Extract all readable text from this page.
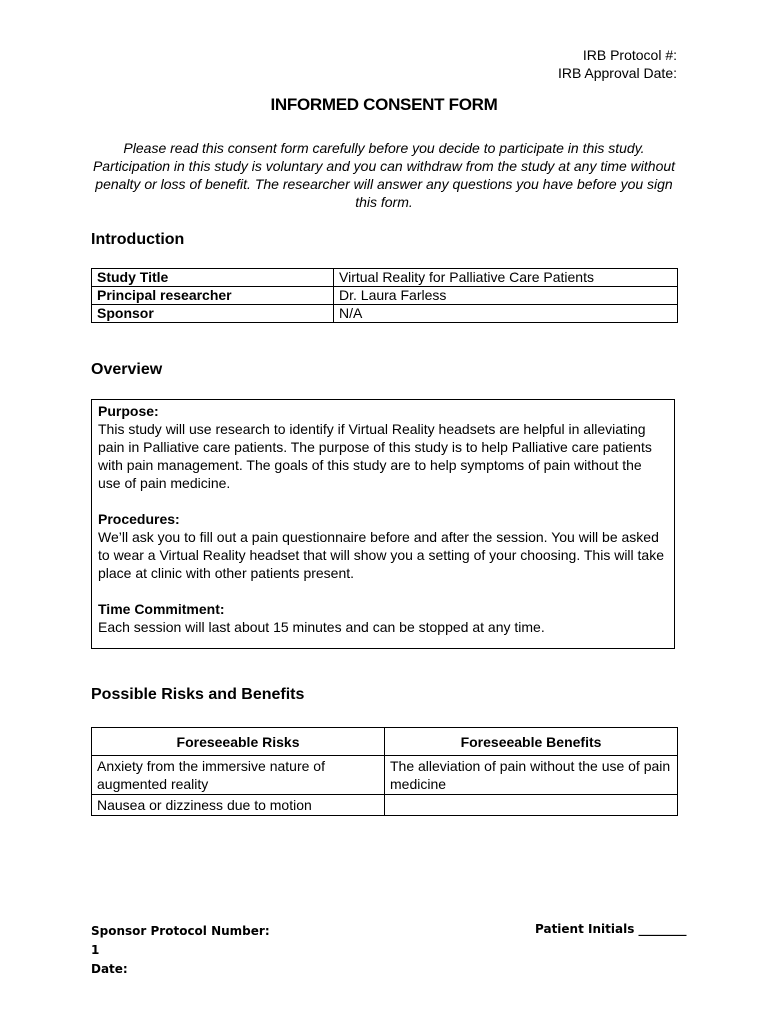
IRB Protocol #:
IRB Approval Date:
INFORMED CONSENT FORM
Please read this consent form carefully before you decide to participate in this study. Participation in this study is voluntary and you can withdraw from the study at any time without penalty or loss of benefit. The researcher will answer any questions you have before you sign this form.
Introduction
Study Title	Virtual Reality for Palliative Care Patients
Principal researcher	Dr. Laura Farless
Sponsor	N/A
Overview
Purpose:
This study will use research to identify if Virtual Reality headsets are helpful in alleviating pain in Palliative care patients. The purpose of this study is to help Palliative care patients with pain management. The goals of this study are to help symptoms of pain without the use of pain medicine.
Procedures:
We’ll ask you to fill out a pain questionnaire before and after the session. You will be asked to wear a Virtual Reality headset that will show you a setting of your choosing. This will take place at clinic with other patients present.
Time Commitment:
Each session will last about 15 minutes and can be stopped at any time.
Possible Risks and Benefits
Foreseeable Risks	Foreseeable Benefits
Anxiety from the immersive nature of augmented reality	The alleviation of pain without the use of pain medicine
Nausea or dizziness due to motion	
Sponsor Protocol Number:
1
Date:
Patient Initials ________
